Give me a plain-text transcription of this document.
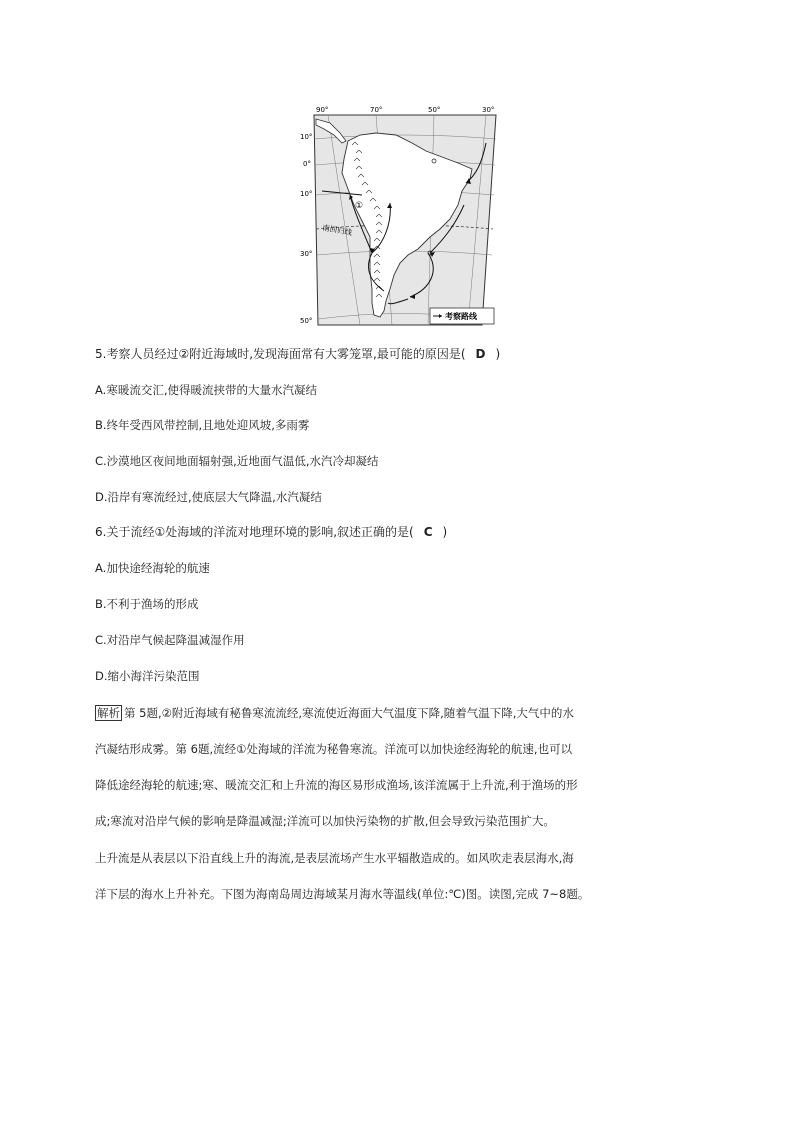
90°	70°	50°	30°
10°
0°
10°
30°
50°
南回归线
①
考察路线
5.考察人员经过②附近海域时,发现海面常有大雾笼罩,最可能的原因是( D )
A.寒暖流交汇,使得暖流挟带的大量水汽凝结
B.终年受西风带控制,且地处迎风坡,多雨雾
C.沙漠地区夜间地面辐射强,近地面气温低,水汽冷却凝结
D.沿岸有寒流经过,使底层大气降温,水汽凝结
6.关于流经①处海域的洋流对地理环境的影响,叙述正确的是( C )
A.加快途经海轮的航速
B.不利于渔场的形成
C.对沿岸气候起降温减湿作用
D.缩小海洋污染范围
解析 第 5题,②附近海域有秘鲁寒流流经,寒流使近海面大气温度下降,随着气温下降,大气中的水
汽凝结形成雾。第 6题,流经①处海域的洋流为秘鲁寒流。洋流可以加快途经海轮的航速,也可以
降低途经海轮的航速;寒、暖流交汇和上升流的海区易形成渔场,该洋流属于上升流,利于渔场的形
成;寒流对沿岸气候的影响是降温减湿;洋流可以加快污染物的扩散,但会导致污染范围扩大。
上升流是从表层以下沿直线上升的海流,是表层流场产生水平辐散造成的。如风吹走表层海水,海
洋下层的海水上升补充。下图为海南岛周边海域某月海水等温线(单位:℃)图。读图,完成 7~8题。
